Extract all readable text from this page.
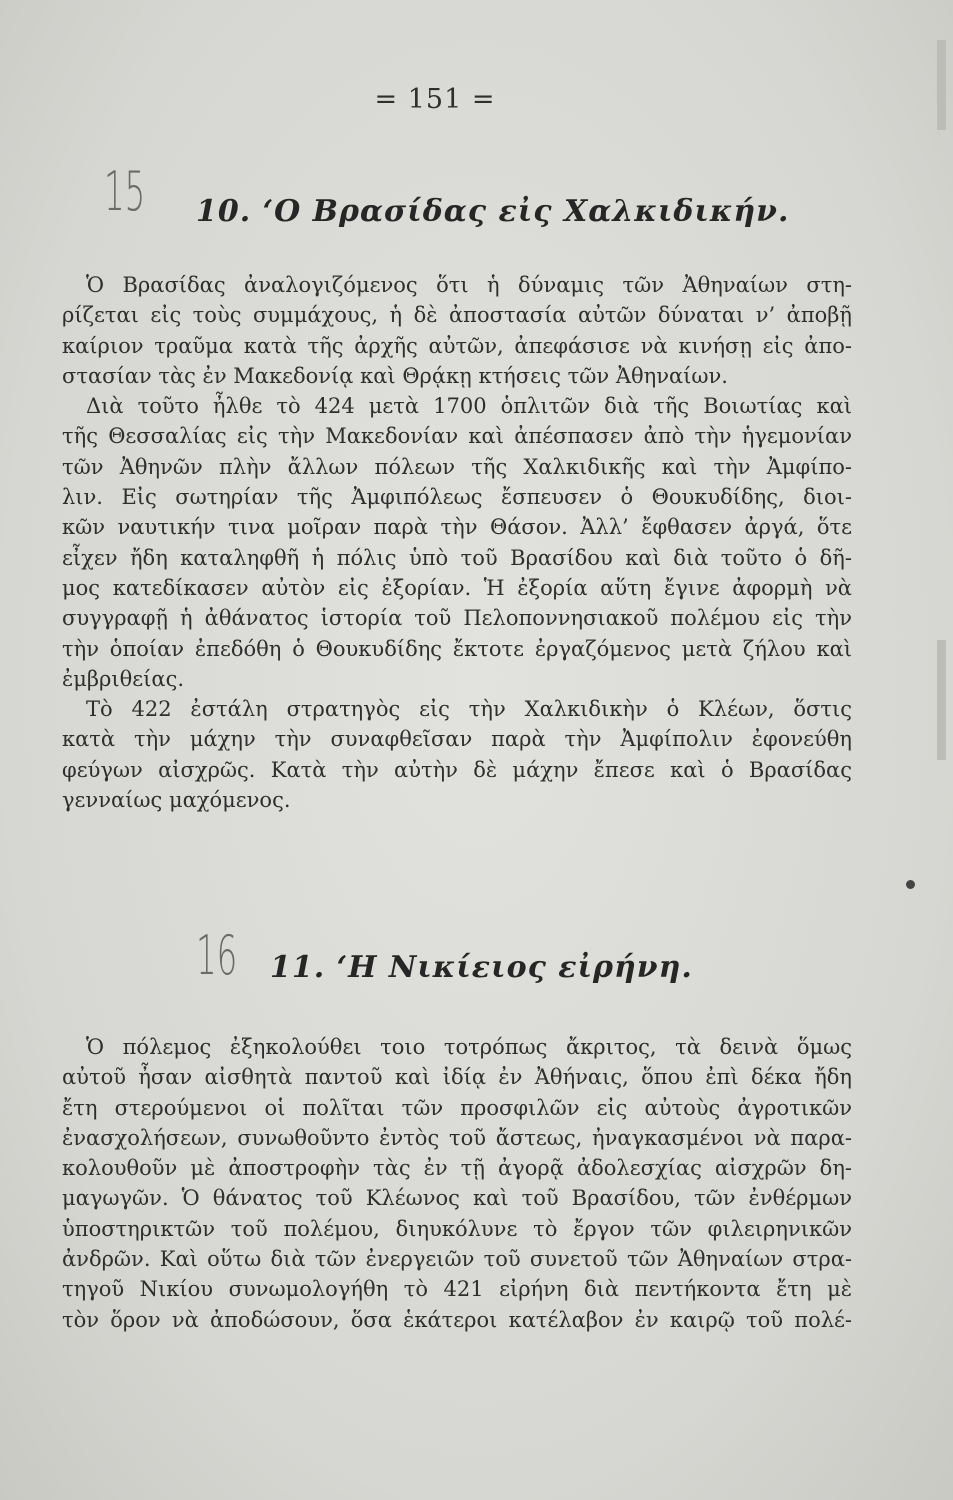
= 151 =
15 10. ‘Ο Βρασίδας εἰς Χαλκιδικήν.
Ὁ Βρασίδας ἀναλογιζόμενος ὅτι ἡ δύναμις τῶν Ἀθηναίων στη-
ρίζεται εἰς τοὺς συμμάχους, ἡ δὲ ἀποστασία αὐτῶν δύναται ν’ ἀποβῇ
καίριον τραῦμα κατὰ τῆς ἀρχῆς αὐτῶν, ἀπεφάσισε νὰ κινήσῃ εἰς ἀπο-
στασίαν τὰς ἐν Μακεδονίᾳ καὶ Θρᾴκῃ κτήσεις τῶν Ἀθηναίων.
Διὰ τοῦτο ἦλθε τὸ 424 μετὰ 1700 ὁπλιτῶν διὰ τῆς Βοιωτίας καὶ
τῆς Θεσσαλίας εἰς τὴν Μακεδονίαν καὶ ἀπέσπασεν ἀπὸ τὴν ἡγεμονίαν
τῶν Ἀθηνῶν πλὴν ἄλλων πόλεων τῆς Χαλκιδικῆς καὶ τὴν Ἀμφίπο-
λιν. Εἰς σωτηρίαν τῆς Ἀμφιπόλεως ἔσπευσεν ὁ Θουκυδίδης, διοι-
κῶν ναυτικήν τινα μοῖραν παρὰ τὴν Θάσον. Ἀλλ’ ἔφθασεν ἀργά, ὅτε
εἶχεν ἤδη καταληφθῆ ἡ πόλις ὑπὸ τοῦ Βρασίδου καὶ διὰ τοῦτο ὁ δῆ-
μος κατεδίκασεν αὐτὸν εἰς ἐξορίαν. Ἡ ἐξορία αὕτη ἔγινε ἀφορμὴ νὰ
συγγραφῇ ἡ ἀθάνατος ἱστορία τοῦ Πελοποννησιακοῦ πολέμου εἰς τὴν
τὴν ὁποίαν ἐπεδόθη ὁ Θουκυδίδης ἔκτοτε ἐργαζόμενος μετὰ ζήλου καὶ
ἐμβριθείας.
Τὸ 422 ἐστάλη στρατηγὸς εἰς τὴν Χαλκιδικὴν ὁ Κλέων, ὅστις
κατὰ τὴν μάχην τὴν συναφθεῖσαν παρὰ τὴν Ἀμφίπολιν ἐφονεύθη
φεύγων αἰσχρῶς. Κατὰ τὴν αὐτὴν δὲ μάχην ἔπεσε καὶ ὁ Βρασίδας
γενναίως μαχόμενος.
16 11. ‘Η Νικίειος εἰρήνη.
Ὁ πόλεμος ἐξηκολούθει τοιο τοτρόπως ἄκριτος, τὰ δεινὰ ὅμως
αὐτοῦ ἦσαν αἰσθητὰ παντοῦ καὶ ἰδίᾳ ἐν Ἀθήναις, ὅπου ἐπὶ δέκα ἤδη
ἔτη στερούμενοι οἱ πολῖται τῶν προσφιλῶν εἰς αὐτοὺς ἀγροτικῶν
ἐνασχολήσεων, συνωθοῦντο ἐντὸς τοῦ ἄστεως, ἠναγκασμένοι νὰ παρα-
κολουθοῦν μὲ ἀποστροφὴν τὰς ἐν τῇ ἀγορᾷ ἀδολεσχίας αἰσχρῶν δη-
μαγωγῶν. Ὁ θάνατος τοῦ Κλέωνος καὶ τοῦ Βρασίδου, τῶν ἐνθέρμων
ὑποστηρικτῶν τοῦ πολέμου, διηυκόλυνε τὸ ἔργον τῶν φιλειρηνικῶν
ἀνδρῶν. Καὶ οὕτω διὰ τῶν ἐνεργειῶν τοῦ συνετοῦ τῶν Ἀθηναίων στρα-
τηγοῦ Νικίου συνωμολογήθη τὸ 421 εἰρήνη διὰ πεντήκοντα ἔτη μὲ
τὸν ὅρον νὰ ἀποδώσουν, ὅσα ἑκάτεροι κατέλαβον ἐν καιρῷ τοῦ πολέ-
